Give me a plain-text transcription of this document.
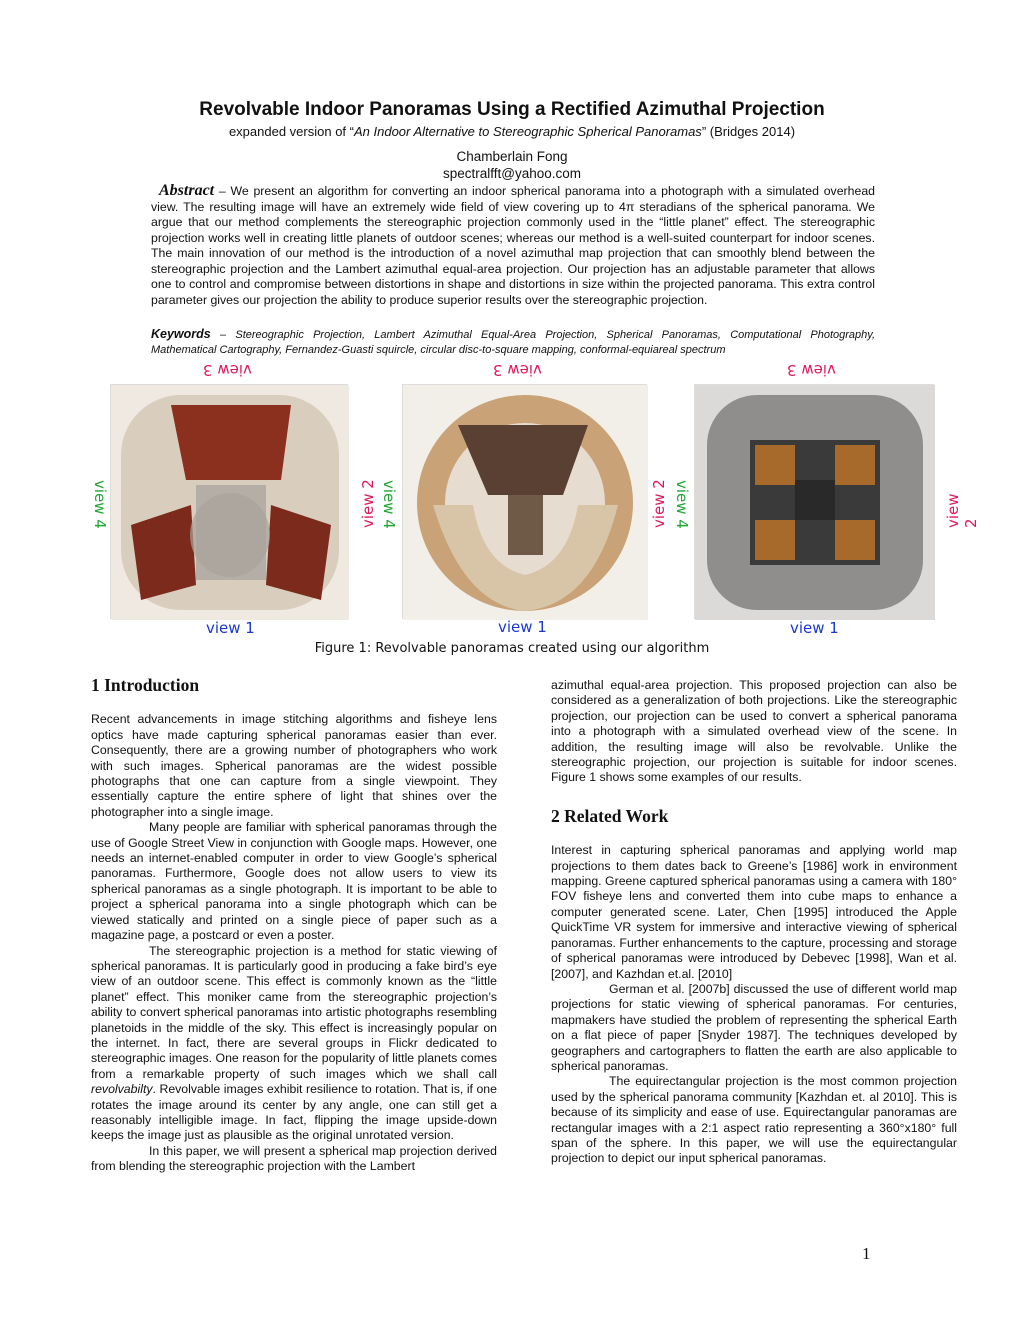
Revolvable Indoor Panoramas Using a Rectified Azimuthal Projection
expanded version of “An Indoor Alternative to Stereographic Spherical Panoramas” (Bridges 2014)
Chamberlain Fong
spectralfft@yahoo.com
Abstract – We present an algorithm for converting an indoor spherical panorama into a photograph with a simulated overhead view. The resulting image will have an extremely wide field of view covering up to 4π steradians of the spherical panorama. We argue that our method complements the stereographic projection commonly used in the “little planet” effect. The stereographic projection works well in creating little planets of outdoor scenes; whereas our method is a well-suited counterpart for indoor scenes. The main innovation of our method is the introduction of a novel azimuthal map projection that can smoothly blend between the stereographic projection and the Lambert azimuthal equal-area projection. Our projection has an adjustable parameter that allows one to control and compromise between distortions in shape and distortions in size within the projected panorama. This extra control parameter gives our projection the ability to produce superior results over the stereographic projection.
Keywords – Stereographic Projection, Lambert Azimuthal Equal-Area Projection, Spherical Panoramas, Computational Photography, Mathematical Cartography, Fernandez-Guasti squircle, circular disc-to-square mapping, conformal-equiareal spectrum
view 3	view 3	view 3
view 4	view 2 view 4	view 2 view 4	view 2
view 1	view 1	view 1
Figure 1: Revolvable panoramas created using our algorithm
1 Introduction

Recent advancements in image stitching algorithms and fisheye lens optics have made capturing spherical panoramas easier than ever. Consequently, there are a growing number of photographers who work with such images. Spherical panoramas are the widest possible photographs that one can capture from a single viewpoint. They essentially capture the entire sphere of light that shines over the photographer into a single image.

Many people are familiar with spherical panoramas through the use of Google Street View in conjunction with Google maps. However, one needs an internet-enabled computer in order to view Google’s spherical panoramas. Furthermore, Google does not allow users to view its spherical panoramas as a single photograph. It is important to be able to project a spherical panorama into a single photograph which can be viewed statically and printed on a single piece of paper such as a magazine page, a postcard or even a poster.

The stereographic projection is a method for static viewing of spherical panoramas. It is particularly good in producing a fake bird’s eye view of an outdoor scene. This effect is commonly known as the “little planet” effect. This moniker came from the stereographic projection’s ability to convert spherical panoramas into artistic photographs resembling planetoids in the middle of the sky. This effect is increasingly popular on the internet. In fact, there are several groups in Flickr dedicated to stereographic images. One reason for the popularity of little planets comes from a remarkable property of such images which we shall call revolvabilty. Revolvable images exhibit resilience to rotation. That is, if one rotates the image around its center by any angle, one can still get a reasonably intelligible image. In fact, flipping the image upside-down keeps the image just as plausible as the original unrotated version.

In this paper, we will present a spherical map projection derived from blending the stereographic projection with the Lambert

azimuthal equal-area projection. This proposed projection can also be considered as a generalization of both projections. Like the stereographic projection, our projection can be used to convert a spherical panorama into a photograph with a simulated overhead view of the scene. In addition, the resulting image will also be revolvable. Unlike the stereographic projection, our projection is suitable for indoor scenes. Figure 1 shows some examples of our results.

2 Related Work

Interest in capturing spherical panoramas and applying world map projections to them dates back to Greene’s [1986] work in environment mapping. Greene captured spherical panoramas using a camera with 180° FOV fisheye lens and converted them into cube maps to enhance a computer generated scene. Later, Chen [1995] introduced the Apple QuickTime VR system for immersive and interactive viewing of spherical panoramas. Further enhancements to the capture, processing and storage of spherical panoramas were introduced by Debevec [1998], Wan et al. [2007], and Kazhdan et.al. [2010]

German et al. [2007b] discussed the use of different world map projections for static viewing of spherical panoramas. For centuries, mapmakers have studied the problem of representing the spherical Earth on a flat piece of paper [Snyder 1987]. The techniques developed by geographers and cartographers to flatten the earth are also applicable to spherical panoramas.

The equirectangular projection is the most common projection used by the spherical panorama community [Kazhdan et. al 2010]. This is because of its simplicity and ease of use. Equirectangular panoramas are rectangular images with a 2:1 aspect ratio representing a 360°x180° full span of the sphere. In this paper, we will use the equirectangular projection to depict our input spherical panoramas.

1
